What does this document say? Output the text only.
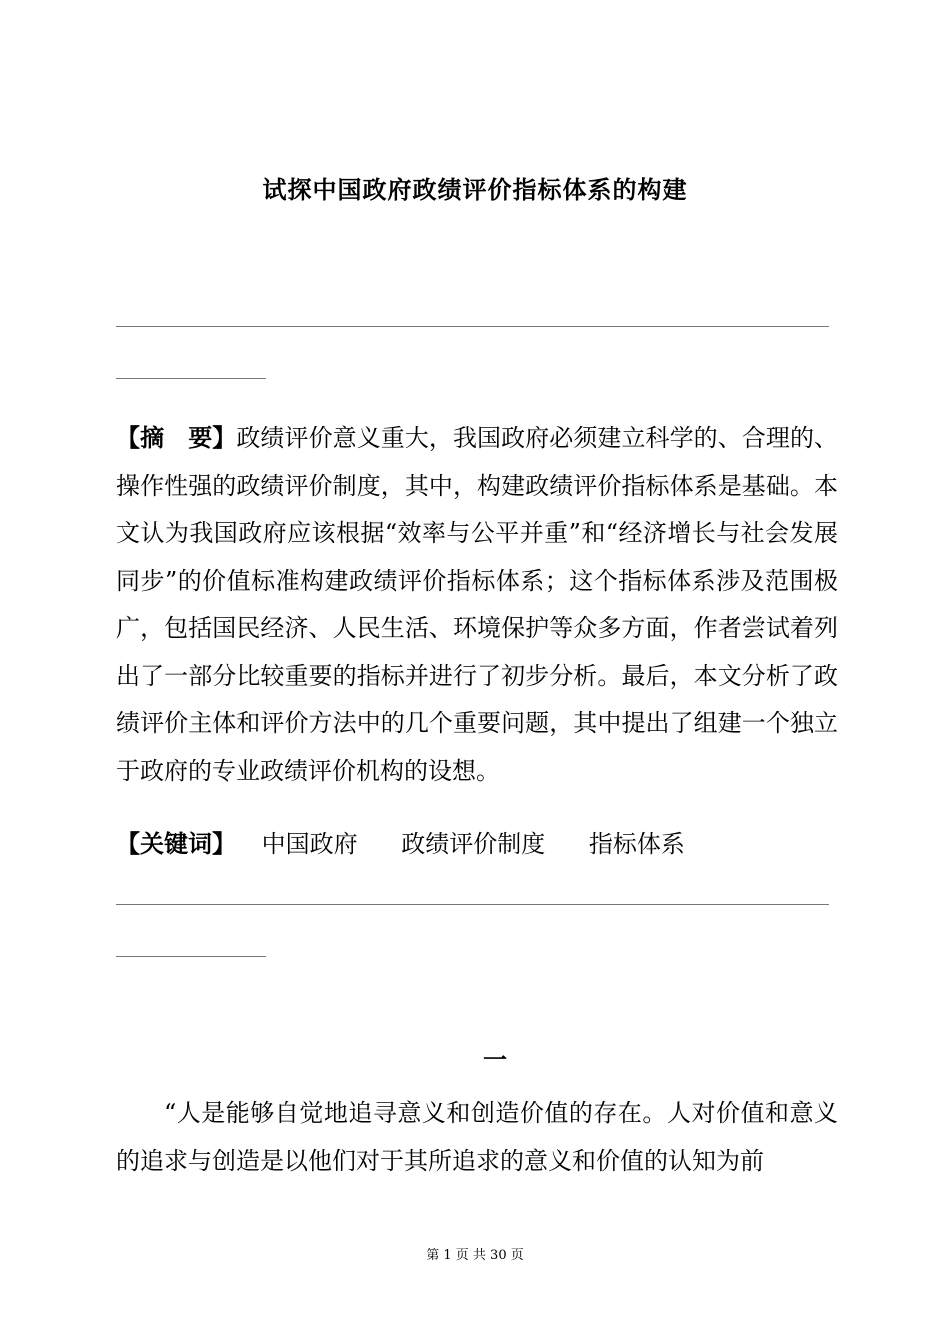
试探中国政府政绩评价指标体系的构建
【摘　要】政绩评价意义重大，我国政府必须建立科学的、合理的、操作性强的政绩评价制度，其中，构建政绩评价指标体系是基础。本文认为我国政府应该根据“效率与公平并重”和“经济增长与社会发展同步”的价值标准构建政绩评价指标体系；这个指标体系涉及范围极广，包括国民经济、人民生活、环境保护等众多方面，作者尝试着列出了一部分比较重要的指标并进行了初步分析。最后，本文分析了政绩评价主体和评价方法中的几个重要问题，其中提出了组建一个独立于政府的专业政绩评价机构的设想。
【关键词】 中国政府 政绩评价制度 指标体系
一
“人是能够自觉地追寻意义和创造价值的存在。人对价值和意义的追求与创造是以他们对于其所追求的意义和价值的认知为前
第 1 页 共 30 页
